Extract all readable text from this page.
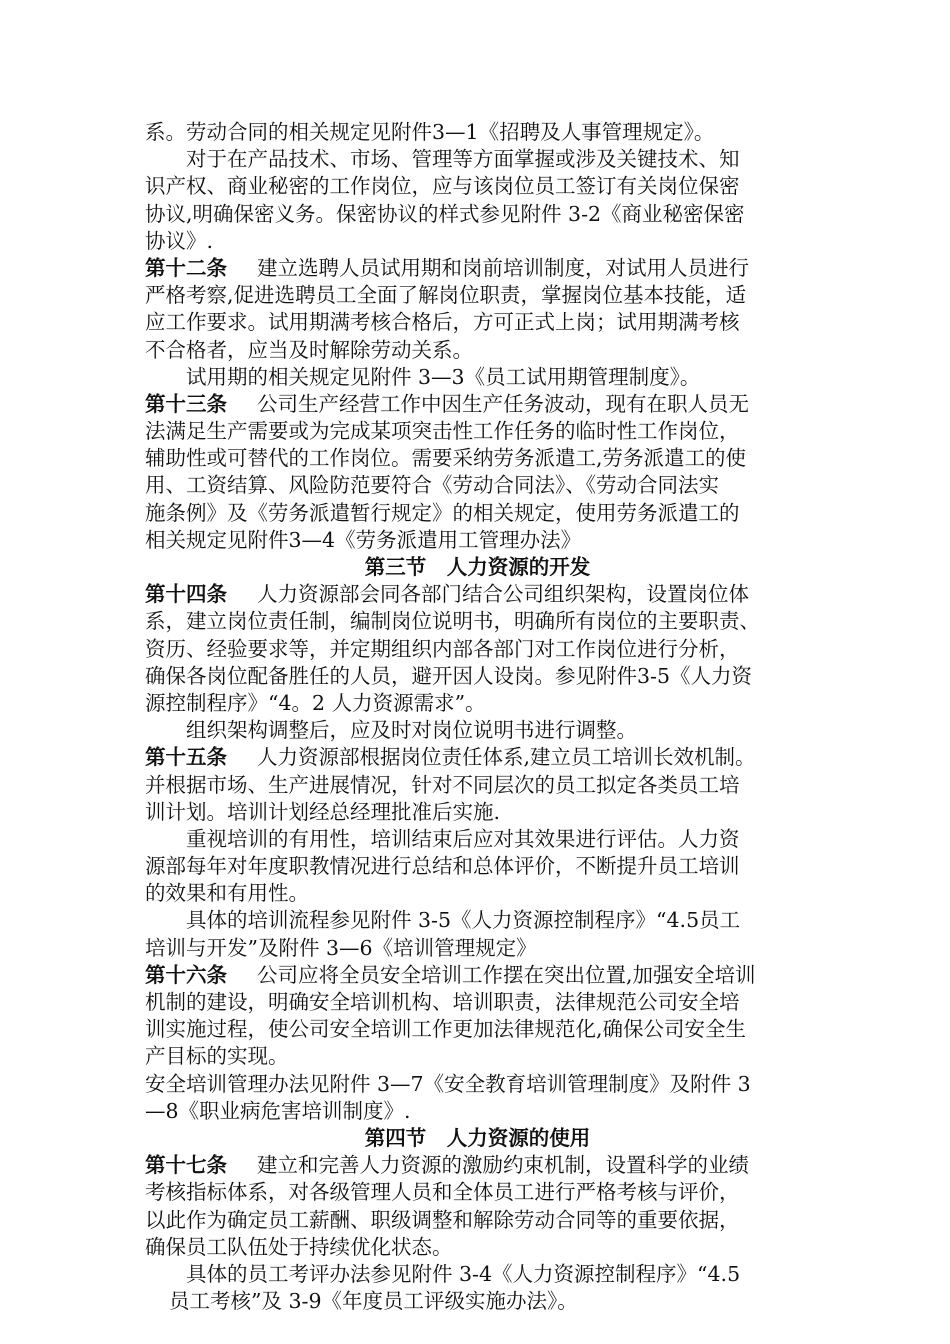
系。劳动合同的相关规定见附件3—1《招聘及人事管理规定》。
对于在产品技术、市场、管理等方面掌握或涉及关键技术、知
识产权、商业秘密的工作岗位，应与该岗位员工签订有关岗位保密
协议,明确保密义务。保密协议的样式参见附件 3-2《商业秘密保密
协议》.
第十二条 建立选聘人员试用期和岗前培训制度，对试用人员进行
严格考察,促进选聘员工全面了解岗位职责，掌握岗位基本技能，适
应工作要求。试用期满考核合格后，方可正式上岗；试用期满考核
不合格者，应当及时解除劳动关系。
试用期的相关规定见附件 3—3《员工试用期管理制度》。
第十三条 公司生产经营工作中因生产任务波动，现有在职人员无
法满足生产需要或为完成某项突击性工作任务的临时性工作岗位，
辅助性或可替代的工作岗位。需要采纳劳务派遣工,劳务派遣工的使
用、工资结算、风险防范要符合《劳动合同法》、《劳动合同法实
施条例》及《劳务派遣暂行规定》的相关规定，使用劳务派遣工的
相关规定见附件3—4《劳务派遣用工管理办法》
第三节　人力资源的开发
第十四条 人力资源部会同各部门结合公司组织架构，设置岗位体
系，建立岗位责任制，编制岗位说明书，明确所有岗位的主要职责、
资历、经验要求等，并定期组织内部各部门对工作岗位进行分析，
确保各岗位配备胜任的人员，避开因人设岗。参见附件3-5《人力资
源控制程序》“4。2 人力资源需求”。
组织架构调整后，应及时对岗位说明书进行调整。
第十五条 人力资源部根据岗位责任体系,建立员工培训长效机制。
并根据市场、生产进展情况，针对不同层次的员工拟定各类员工培
训计划。培训计划经总经理批准后实施.
重视培训的有用性，培训结束后应对其效果进行评估。人力资
源部每年对年度职教情况进行总结和总体评价，不断提升员工培训
的效果和有用性。
具体的培训流程参见附件 3-5《人力资源控制程序》“4.5员工
培训与开发”及附件 3—6《培训管理规定》
第十六条 公司应将全员安全培训工作摆在突出位置,加强安全培训
机制的建设，明确安全培训机构、培训职责，法律规范公司安全培
训实施过程，使公司安全培训工作更加法律规范化,确保公司安全生
产目标的实现。
安全培训管理办法见附件 3—7《安全教育培训管理制度》及附件 3
—8《职业病危害培训制度》.
第四节　人力资源的使用
第十七条 建立和完善人力资源的激励约束机制，设置科学的业绩
考核指标体系，对各级管理人员和全体员工进行严格考核与评价，
以此作为确定员工薪酬、职级调整和解除劳动合同等的重要依据，
确保员工队伍处于持续优化状态。
具体的员工考评办法参见附件 3-4《人力资源控制程序》“4.5
员工考核”及 3-9《年度员工评级实施办法》。
